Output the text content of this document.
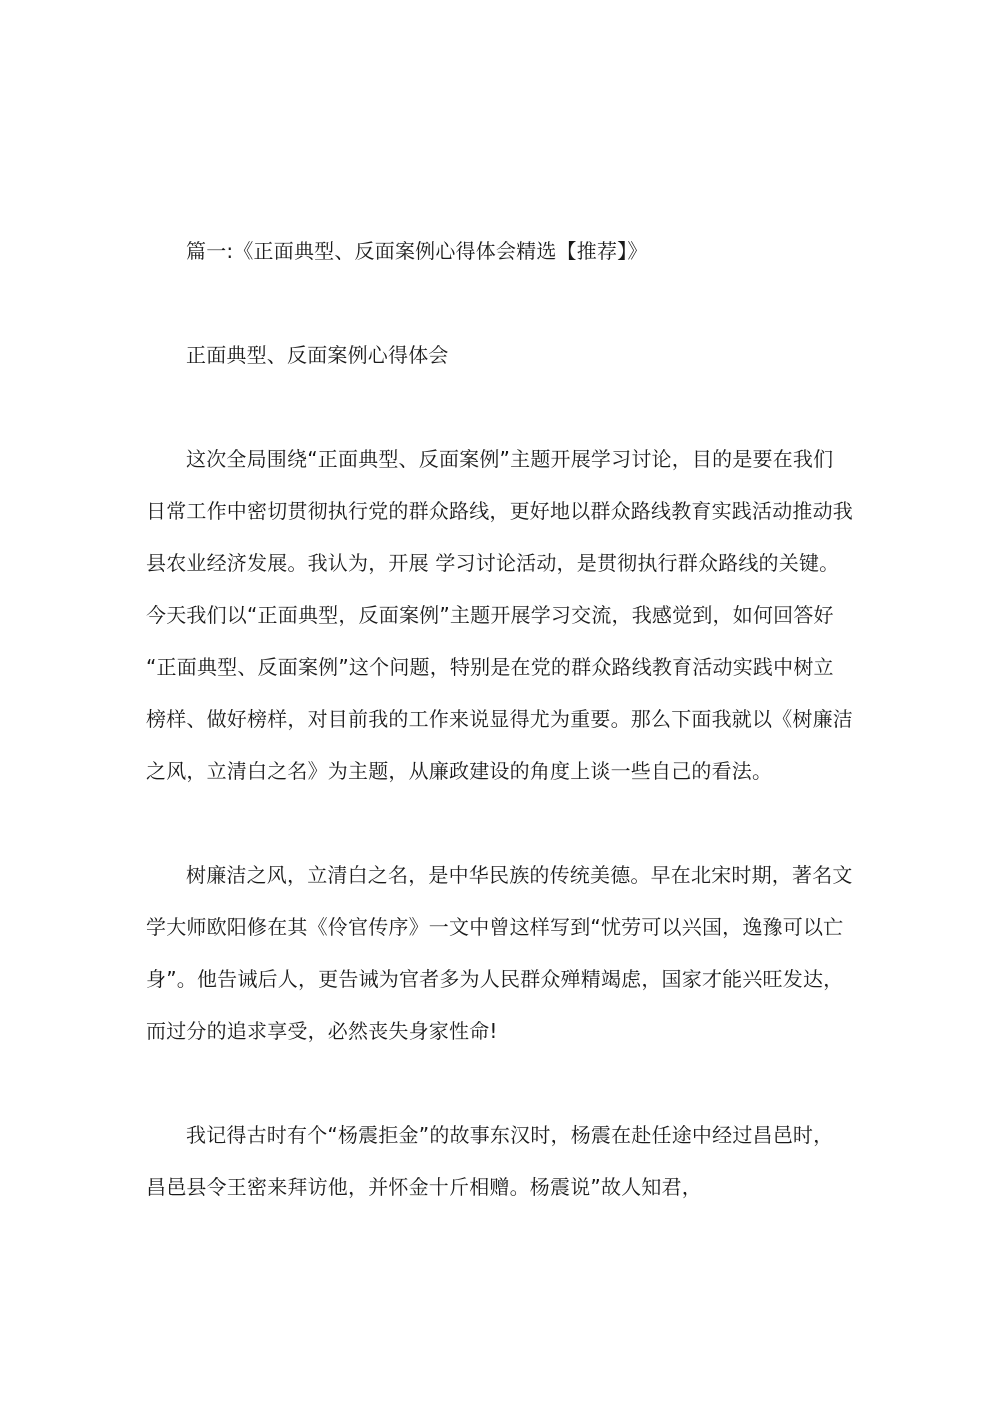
篇一:《正面典型、反面案例心得体会精选【推荐】》
正面典型、反面案例心得体会
这次全局围绕“正面典型、反面案例”主题开展学习讨论，目的是要在我们
日常工作中密切贯彻执行党的群众路线，更好地以群众路线教育实践活动推动我
县农业经济发展。我认为，开展 学习讨论活动，是贯彻执行群众路线的关键。
今天我们以“正面典型，反面案例”主题开展学习交流，我感觉到，如何回答好
“正面典型、反面案例”这个问题，特别是在党的群众路线教育活动实践中树立
榜样、做好榜样，对目前我的工作来说显得尤为重要。那么下面我就以《树廉洁
之风，立清白之名》为主题，从廉政建设的角度上谈一些自己的看法。
树廉洁之风，立清白之名，是中华民族的传统美德。早在北宋时期，著名文
学大师欧阳修在其《伶官传序》一文中曾这样写到“忧劳可以兴国，逸豫可以亡
身”。他告诫后人，更告诫为官者多为人民群众殚精竭虑，国家才能兴旺发达，
而过分的追求享受，必然丧失身家性命!
我记得古时有个“杨震拒金”的故事东汉时，杨震在赴任途中经过昌邑时，
昌邑县令王密来拜访他，并怀金十斤相赠。杨震说”故人知君，
